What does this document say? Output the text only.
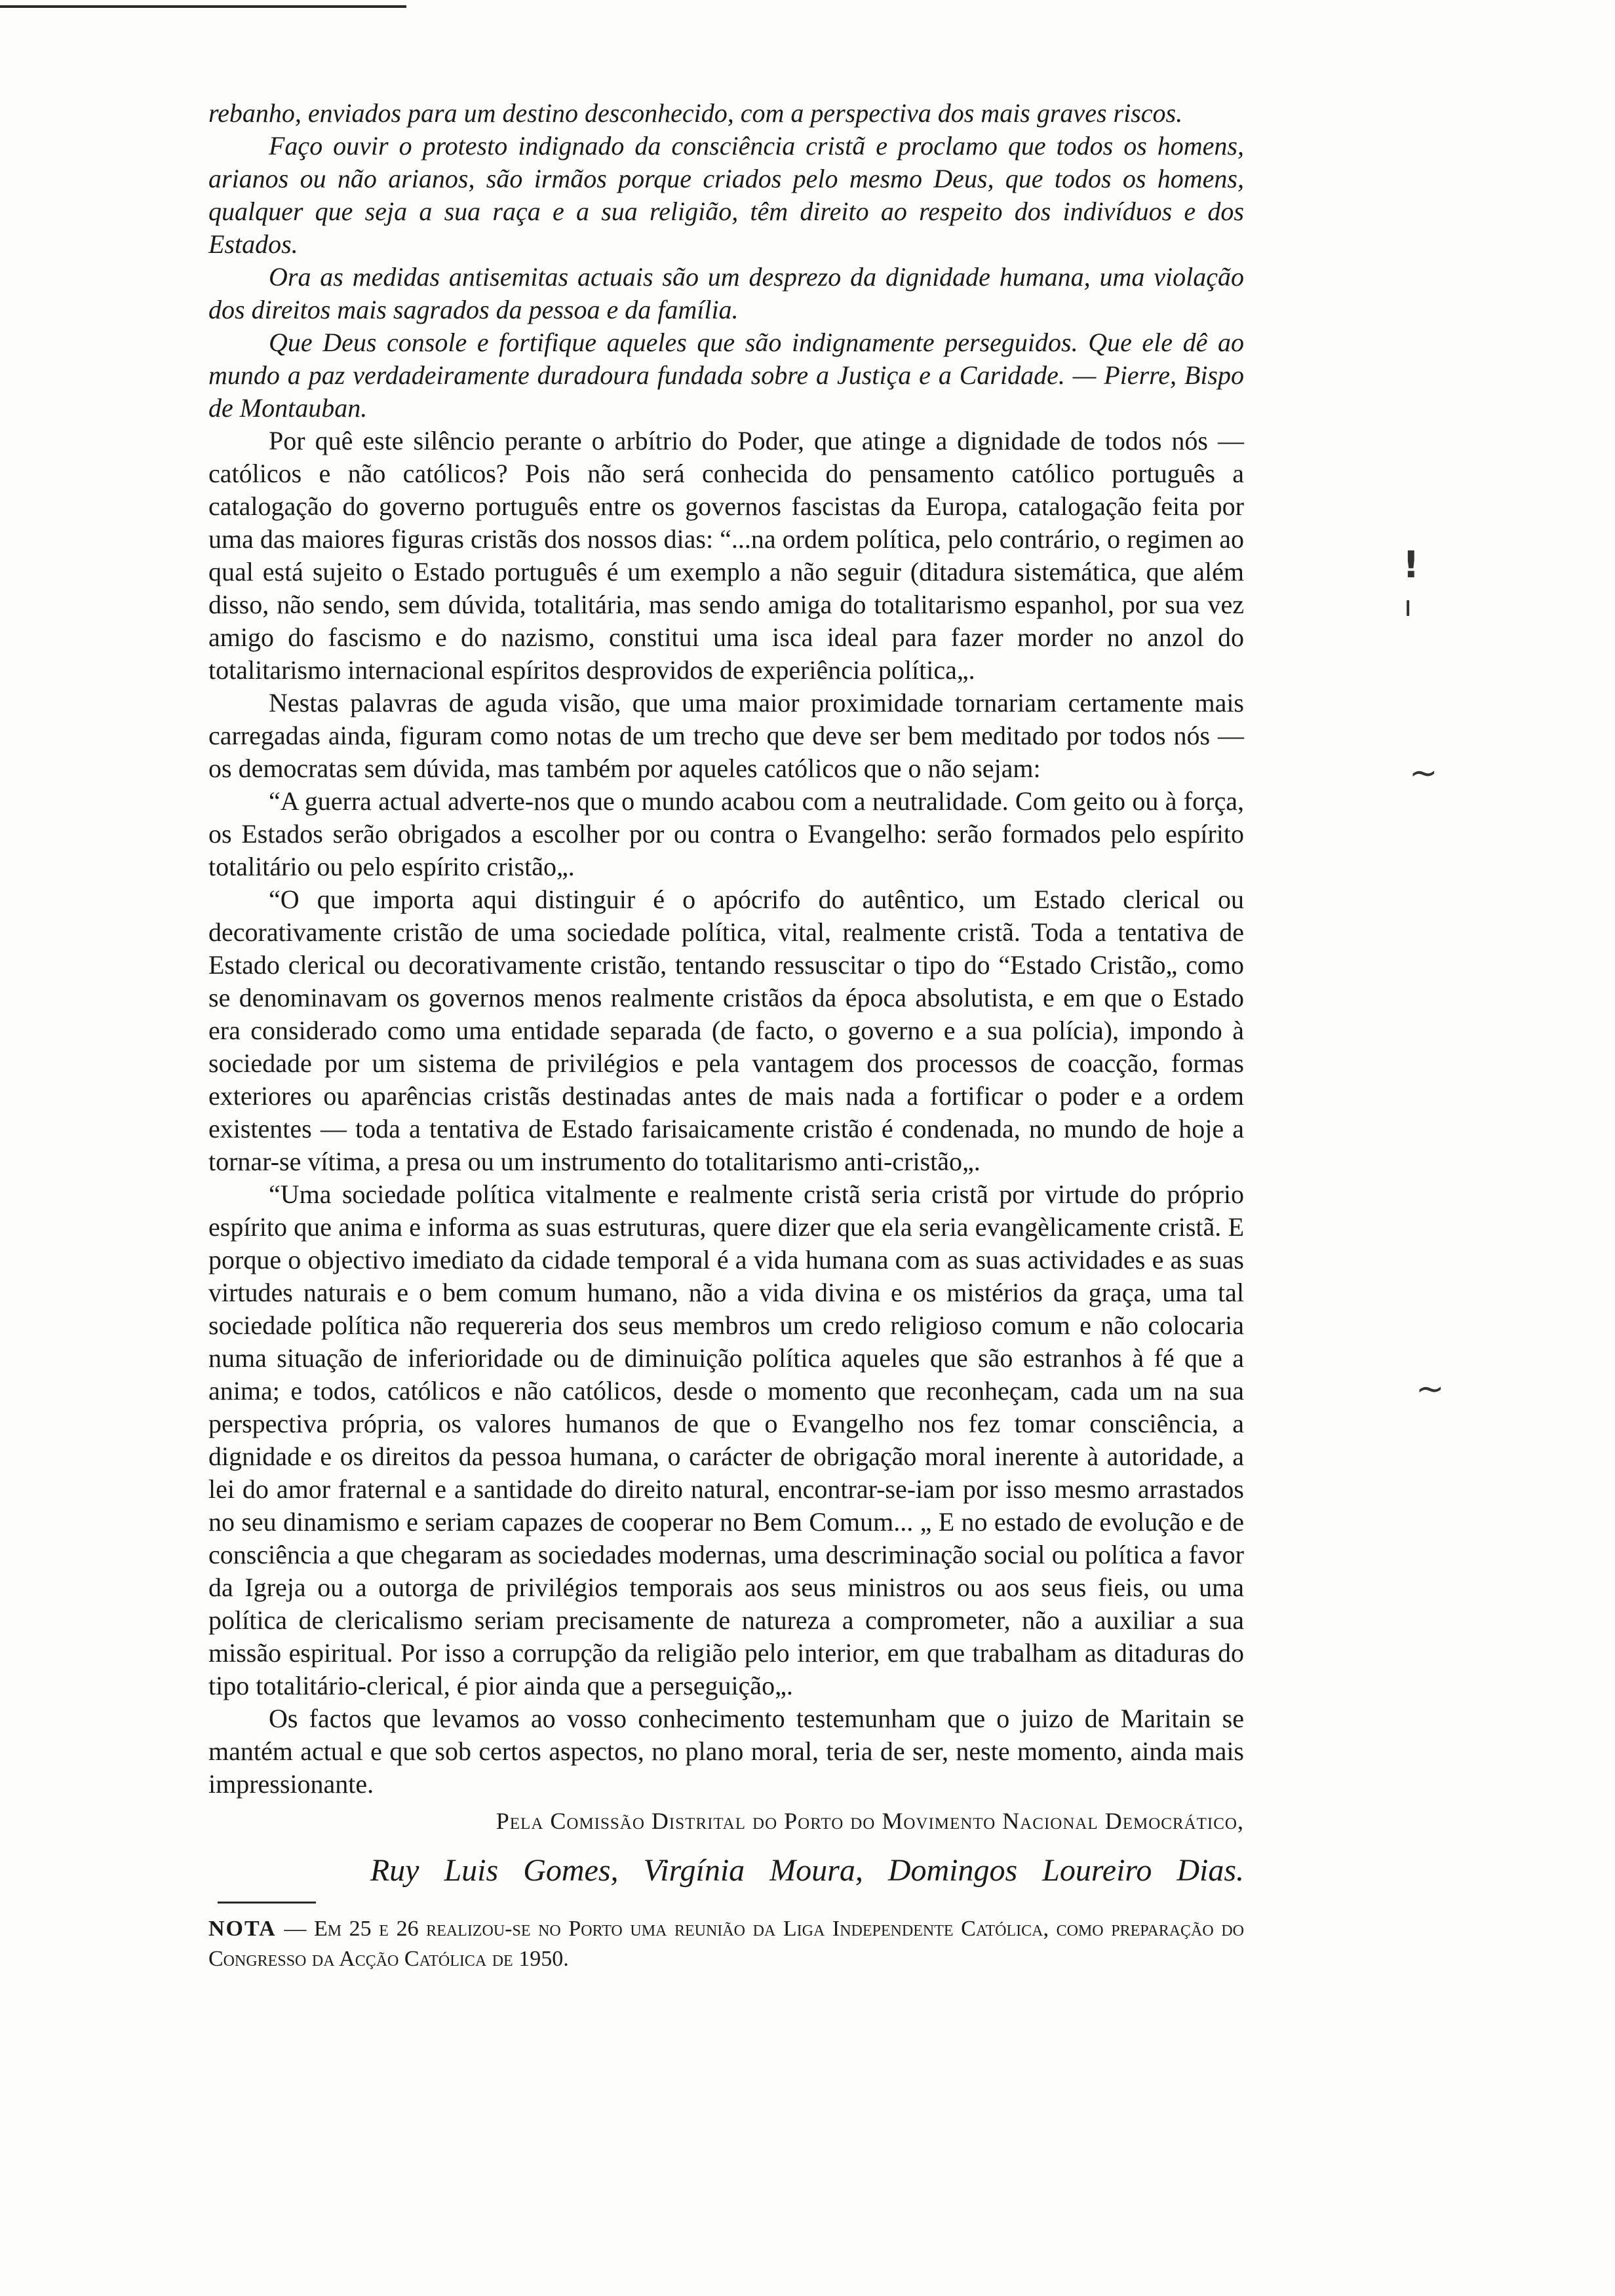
rebanho, enviados para um destino desconhecido, com a perspectiva dos mais graves riscos.

Faço ouvir o protesto indignado da consciência cristã e proclamo que todos os homens, arianos ou não arianos, são irmãos porque criados pelo mesmo Deus, que todos os homens, qualquer que seja a sua raça e a sua religião, têm direito ao respeito dos indivíduos e dos Estados.

Ora as medidas antisemitas actuais são um desprezo da dignidade humana, uma violação dos direitos mais sagrados da pessoa e da família.

Que Deus console e fortifique aqueles que são indignamente perseguidos. Que ele dê ao mundo a paz verdadeiramente duradoura fundada sobre a Justiça e a Caridade. — Pierre, Bispo de Montauban.

Por quê este silêncio perante o arbítrio do Poder, que atinge a dignidade de todos nós — católicos e não católicos? Pois não será conhecida do pensamento católico português a catalogação do governo português entre os governos fascistas da Europa, catalogação feita por uma das maiores figuras cristãs dos nossos dias: “...na ordem política, pelo contrário, o regimen ao qual está sujeito o Estado português é um exemplo a não seguir (ditadura sistemática, que além disso, não sendo, sem dúvida, totalitária, mas sendo amiga do totalitarismo espanhol, por sua vez amigo do fascismo e do nazismo, constitui uma isca ideal para fazer morder no anzol do totalitarismo internacional espíritos desprovidos de experiência política„.

Nestas palavras de aguda visão, que uma maior proximidade tornariam certamente mais carregadas ainda, figuram como notas de um trecho que deve ser bem meditado por todos nós — os democratas sem dúvida, mas também por aqueles católicos que o não sejam:

“A guerra actual adverte-nos que o mundo acabou com a neutralidade. Com geito ou à força, os Estados serão obrigados a escolher por ou contra o Evangelho: serão formados pelo espírito totalitário ou pelo espírito cristão„.

“O que importa aqui distinguir é o apócrifo do autêntico, um Estado clerical ou decorativamente cristão de uma sociedade política, vital, realmente cristã. Toda a tentativa de Estado clerical ou decorativamente cristão, tentando ressuscitar o tipo do “Estado Cristão„ como se denominavam os governos menos realmente cristãos da época absolutista, e em que o Estado era considerado como uma entidade separada (de facto, o governo e a sua polícia), impondo à sociedade por um sistema de privilégios e pela vantagem dos processos de coacção, formas exteriores ou aparências cristãs destinadas antes de mais nada a fortificar o poder e a ordem existentes — toda a tentativa de Estado farisaicamente cristão é condenada, no mundo de hoje a tornar-se vítima, a presa ou um instrumento do totalitarismo anti-cristão„.

“Uma sociedade política vitalmente e realmente cristã seria cristã por virtude do próprio espírito que anima e informa as suas estruturas, quere dizer que ela seria evangèlicamente cristã. E porque o objectivo imediato da cidade temporal é a vida humana com as suas actividades e as suas virtudes naturais e o bem comum humano, não a vida divina e os mistérios da graça, uma tal sociedade política não requereria dos seus membros um credo religioso comum e não colocaria numa situação de inferioridade ou de diminuição política aqueles que são estranhos à fé que a anima; e todos, católicos e não católicos, desde o momento que reconheçam, cada um na sua perspectiva própria, os valores humanos de que o Evangelho nos fez tomar consciência, a dignidade e os direitos da pessoa humana, o carácter de obrigação moral inerente à autoridade, a lei do amor fraternal e a santidade do direito natural, encontrar-se-iam por isso mesmo arrastados no seu dinamismo e seriam capazes de cooperar no Bem Comum... „ E no estado de evolução e de consciência a que chegaram as sociedades modernas, uma descriminação social ou política a favor da Igreja ou a outorga de privilégios temporais aos seus ministros ou aos seus fieis, ou uma política de clericalismo seriam precisamente de natureza a comprometer, não a auxiliar a sua missão espiritual. Por isso a corrupção da religião pelo interior, em que trabalham as ditaduras do tipo totalitário-clerical, é pior ainda que a perseguição„.

Os factos que levamos ao vosso conhecimento testemunham que o juizo de Maritain se mantém actual e que sob certos aspectos, no plano moral, teria de ser, neste momento, ainda mais impressionante.

Pela Comissão Distrital do Porto do Movimento Nacional Democrático,

Ruy Luis Gomes, Virgínia Moura, Domingos Loureiro Dias.

NOTA — Em 25 e 26 realizou-se no Porto uma reunião da Liga Independente Católica, como preparação do Congresso da Acção Católica de 1950.

!
ı
~
~
